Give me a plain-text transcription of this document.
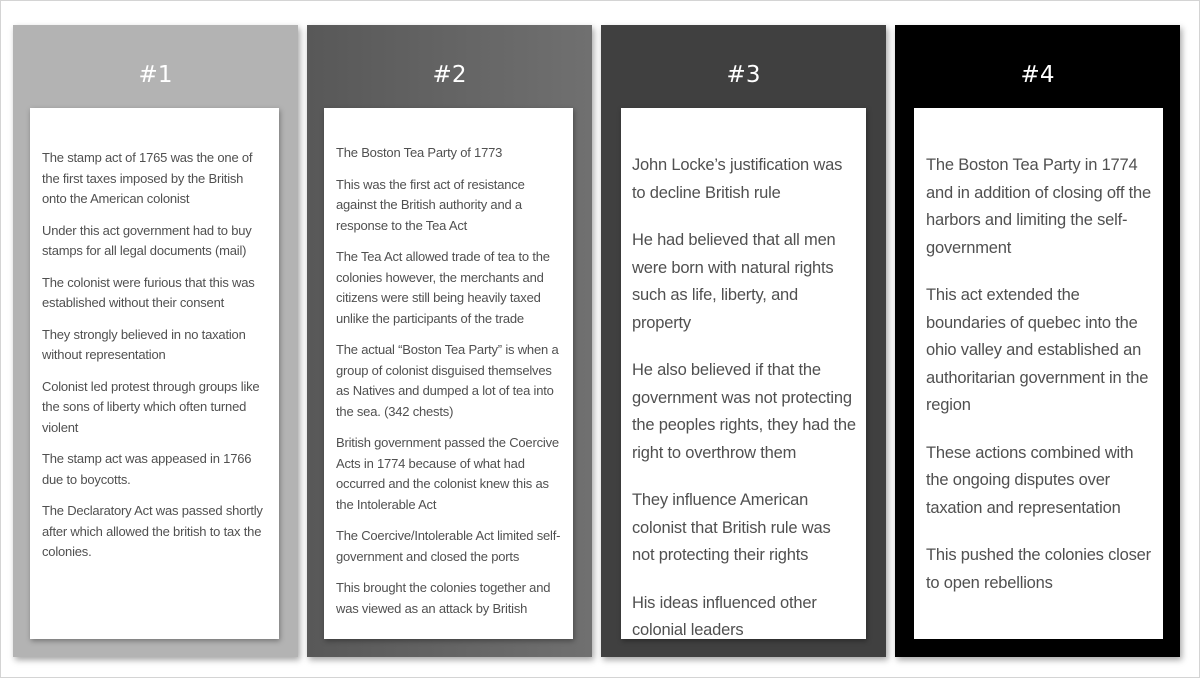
#1

The stamp act of 1765 was the one of the first taxes imposed by the British onto the American colonist

Under this act government had to buy stamps for all legal documents (mail)

The colonist were furious that this was established without their consent

They strongly believed in no taxation without representation

Colonist led protest through groups like the sons of liberty which often turned violent

The stamp act was appeased in 1766 due to boycotts.

The Declaratory Act was passed shortly after which allowed the british to tax the colonies.

#2

The Boston Tea Party of 1773

This was the first act of resistance against the British authority and a response to the Tea Act

The Tea Act allowed trade of tea to the colonies however, the merchants and citizens were still being heavily taxed unlike the participants of the trade

The actual “Boston Tea Party” is when a group of colonist disguised themselves as Natives and dumped a lot of tea into the sea. (342 chests)

British government passed the Coercive Acts in 1774 because of what had occurred and the colonist knew this as the Intolerable Act

The Coercive/Intolerable Act limited self-government and closed the ports

This brought the colonies together and was viewed as an attack by British

#3

John Locke’s justification was to decline British rule

He had believed that all men were born with natural rights such as life, liberty, and property

He also believed if that the government was not protecting the peoples rights, they had the right to overthrow them

They influence American colonist that British rule was not protecting their rights

His ideas influenced other colonial leaders

#4

The Boston Tea Party in 1774 and in addition of closing off the harbors and limiting the self-government

This act extended the boundaries of quebec into the ohio valley and established an authoritarian government in the region

These actions combined with the ongoing disputes over taxation and representation

This pushed the colonies closer to open rebellions
